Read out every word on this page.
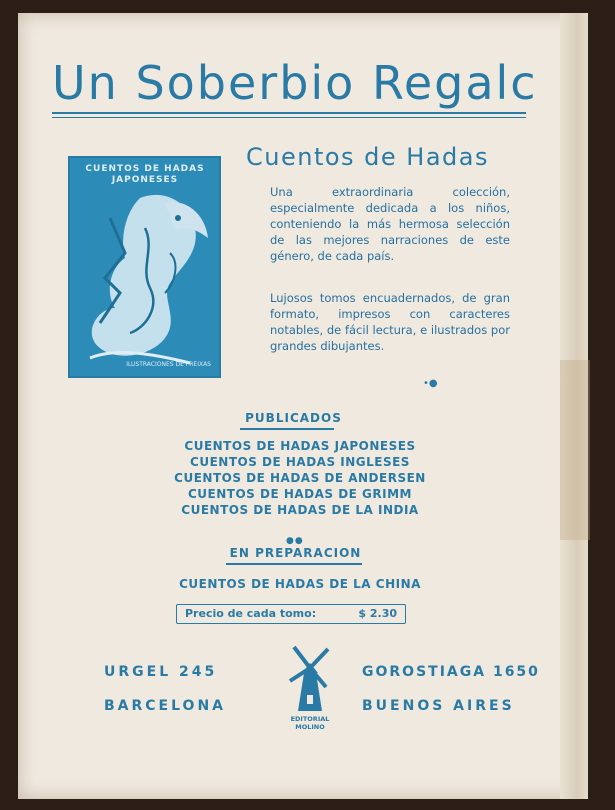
Un Soberbio Regalc
Cuentos de Hadas
CUENTOS DE HADAS JAPONESES
ILUSTRACIONES DE FREIXAS
Una extraordinaria colección, especialmente dedicada a los niños, conteniendo la más hermosa selección de las mejores narraciones de este género, de cada país.
Lujosos tomos encuadernados, de gran formato, impresos con caracteres notables, de fácil lectura, e ilustrados por grandes dibujantes.
•●
PUBLICADOS
CUENTOS DE HADAS JAPONESES
CUENTOS DE HADAS INGLESES
CUENTOS DE HADAS DE ANDERSEN
CUENTOS DE HADAS DE GRIMM
CUENTOS DE HADAS DE LA INDIA
●●
EN PREPARACION
CUENTOS DE HADAS DE LA CHINA
Precio de cada tomo:	$ 2.30
URGEL 245
BARCELONA
GOROSTIAGA 1650
BUENOS AIRES
EDITORIAL
MOLINO
